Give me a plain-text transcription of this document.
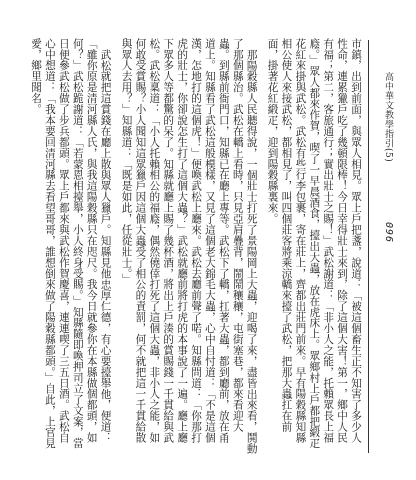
市鎮，出到前面，與眾人相見。眾上戶把盞，說道：「被這個畜生正不知害了多少人性命，連累獵戶吃了幾頓限棒！今日幸得壯士來到，除了這個大害！第一，鄉中人民有福；第二，客旅通行；實出壯士之賜！」武松謝道：「非小人之能，托賴眾長上福廕。」眾人都來作賀，喫了一早晨酒食，擡出大蟲，放在虎床上。眾鄉村上戶都把緞疋花紅來掛與武松。武松有些行李包裹，寄在莊上，齊都出莊門前來。早有陽穀縣知縣相公使人來接武松，都相見了，叫四個莊客將乘涼轎來擡了武松，把那大蟲扛在前面，掛著花紅緞疋，迎到陽穀縣裏來。

那陽穀縣人民聽得說，一個壯士打死了景陽岡上大蟲，迎喝了來，盡皆出來看，鬨動了那個縣治。武松在轎上看時，只見亞肩疊背，鬧鬧穰穰，屯街塞巷，都來看迎大蟲。到縣前衙門口，知縣已在廳上專等。武松下了轎，扛著大蟲，都到廳前，放在甬道上。知縣看了武松這般模樣，又見了這個老大錦毛大蟲，心中自忖道：「不是這個漢，怎地打的這個虎！」便喚武松上廳來。武松去廳前聲了喏。知縣問道：「你那打虎的壯士，你卻說怎生打了這個大蟲？」武松就廳前將打虎的本事說了一遍。廳上廳下眾多人等都驚的呆了。知縣就廳上賜了幾杯酒，將出上戶湊的賞賜錢一千貫給與武松。武松稟道：「小人托賴相公的福廕，偶然僥倖打死了這個大蟲，非小人之能，如何敢受賞賜？小人聞知這眾獵戶因這個大蟲受了相公的責罰，何不就把這一千貫給散與眾人去用？」知縣道：「既是如此，任從壯士。」

武松就把這賞錢在廳上散與眾人獵戶。知縣見他忠厚仁德，有心要擡舉他，便道：「雖你原是清河縣人氏，與我這陽穀縣只在咫尺。我今日就參你在本縣做個都頭，如何？」武松跪謝道：「若蒙恩相擡舉，小人終身受賜。」知縣隨即喚押司立了文案，當日便參武松做了步兵都頭。眾上戶都來與武松作賀慶喜，連連喫了三五日酒。武松自心中想道：「我本要回清河縣去看望哥哥，誰想倒來做了陽穀縣都頭。」自此，上官見愛，鄉里聞名。	高中華文教學指引(5)
096
